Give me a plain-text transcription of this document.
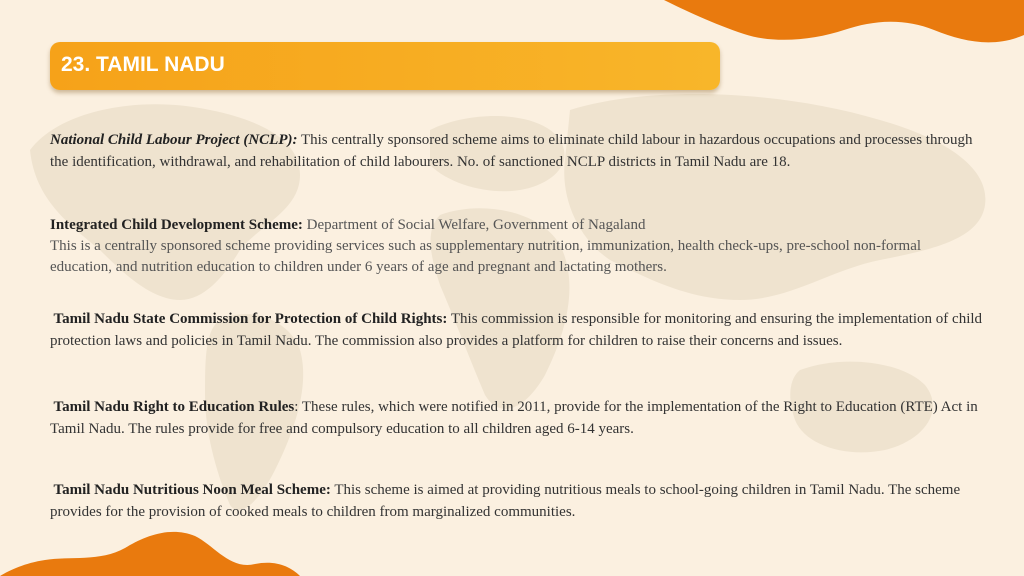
23. TAMIL NADU
National Child Labour Project (NCLP): This centrally sponsored scheme aims to eliminate child labour in hazardous occupations and processes through the identification, withdrawal, and rehabilitation of child labourers. No. of sanctioned NCLP districts in Tamil Nadu are 18.
Integrated Child Development Scheme: Department of Social Welfare, Government of Nagaland
This is a centrally sponsored scheme providing services such as supplementary nutrition, immunization, health check-ups, pre-school non-formal education, and nutrition education to children under 6 years of age and pregnant and lactating mothers.
Tamil Nadu State Commission for Protection of Child Rights: This commission is responsible for monitoring and ensuring the implementation of child protection laws and policies in Tamil Nadu. The commission also provides a platform for children to raise their concerns and issues.
Tamil Nadu Right to Education Rules: These rules, which were notified in 2011, provide for the implementation of the Right to Education (RTE) Act in Tamil Nadu. The rules provide for free and compulsory education to all children aged 6-14 years.
Tamil Nadu Nutritious Noon Meal Scheme: This scheme is aimed at providing nutritious meals to school-going children in Tamil Nadu. The scheme provides for the provision of cooked meals to children from marginalized communities.
